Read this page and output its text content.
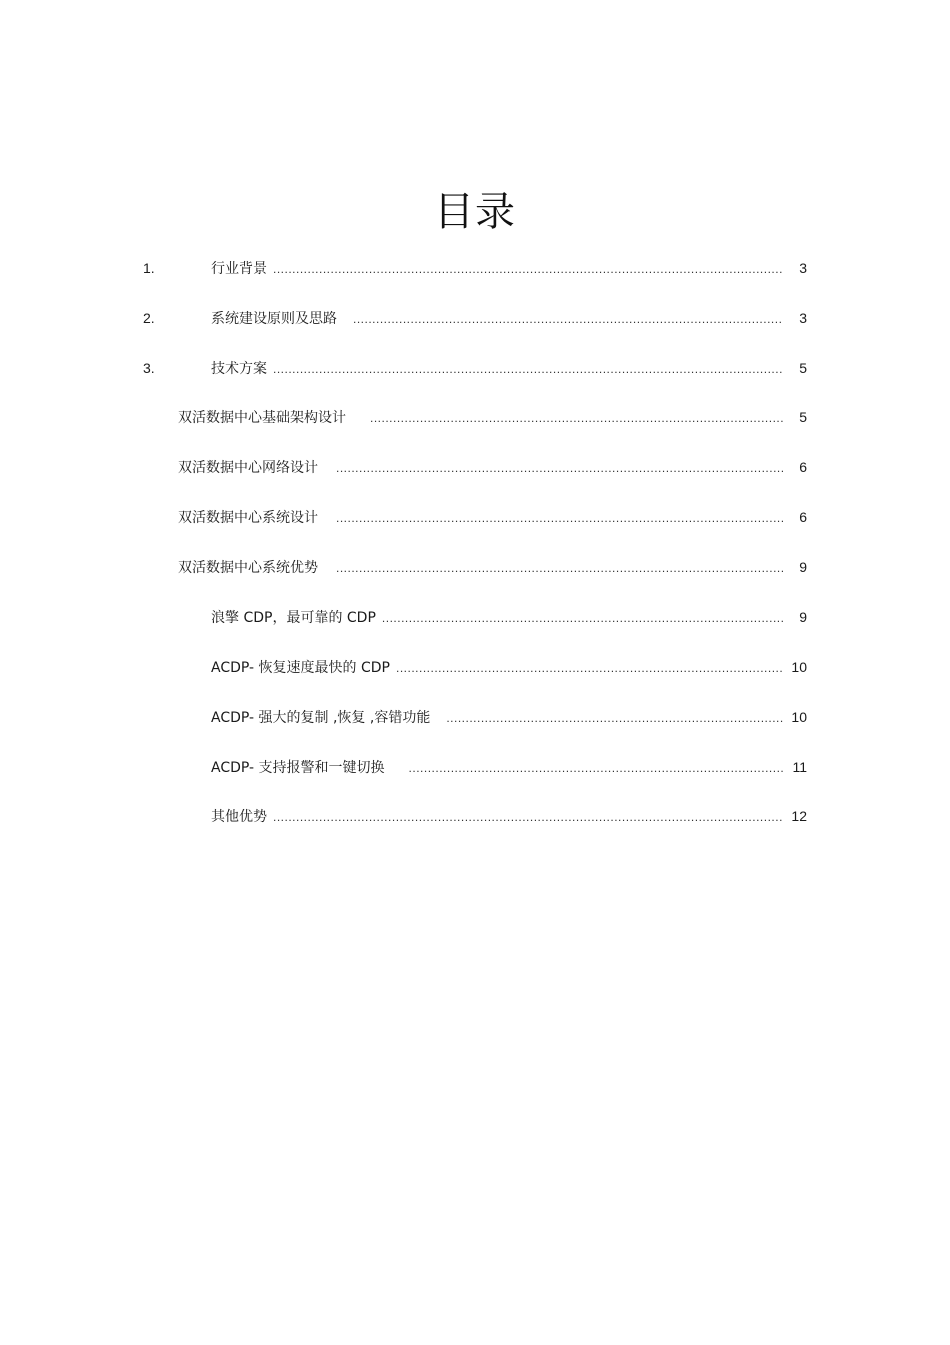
目录
1.	行业背景 .....	3
2.	系统建设原则及思路 .....	3
3.	技术方案 .....	5
双活数据中心基础架构设计 .....	5
双活数据中心网络设计 .....	6
双活数据中心系统设计 .....	6
双活数据中心系统优势 .....	9
浪擎 CDP，最可靠的 CDP .....	9
ACDP- 恢复速度最快的 CDP .....	10
ACDP- 强大的复制 ,恢复 ,容错功能 .....	10
ACDP- 支持报警和一键切换 .....	11
其他优势 .....	12
